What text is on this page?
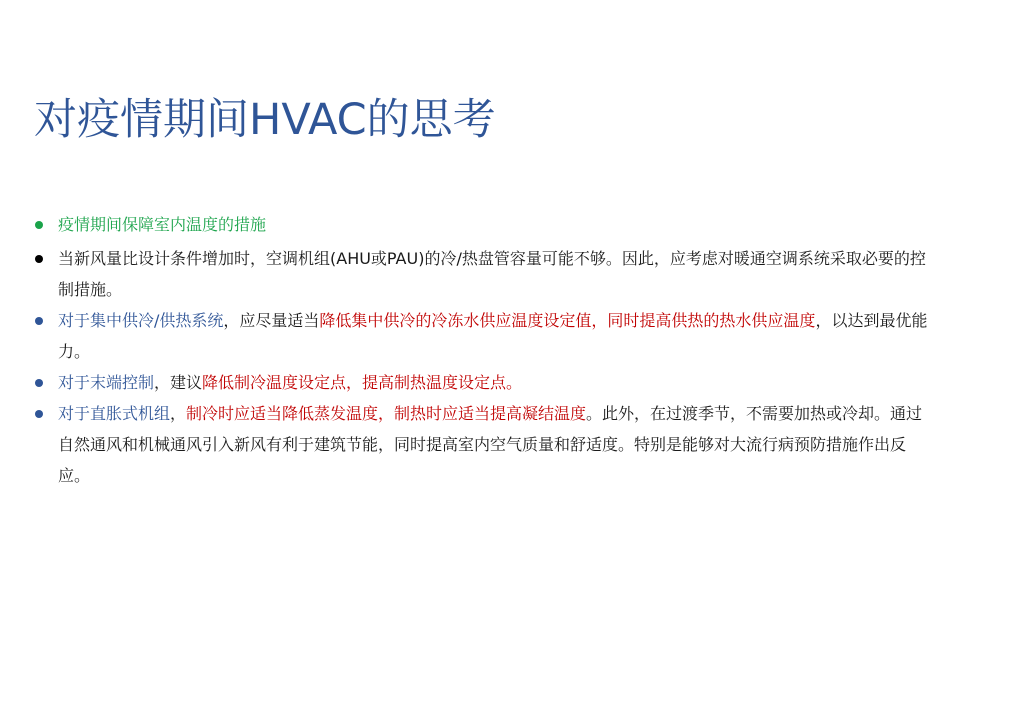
对疫情期间HVAC的思考
疫情期间保障室内温度的措施
当新风量比设计条件增加时，空调机组(AHU或PAU)的冷/热盘管容量可能不够。因此，应考虑对暖通空调系统采取必要的控制措施。
对于集中供冷/供热系统，应尽量适当降低集中供冷的冷冻水供应温度设定值，同时提高供热的热水供应温度，以达到最优能力。
对于末端控制，建议降低制冷温度设定点，提高制热温度设定点。
对于直胀式机组，制冷时应适当降低蒸发温度，制热时应适当提高凝结温度。此外，在过渡季节，不需要加热或冷却。通过自然通风和机械通风引入新风有利于建筑节能，同时提高室内空气质量和舒适度。特别是能够对大流行病预防措施作出反应。
